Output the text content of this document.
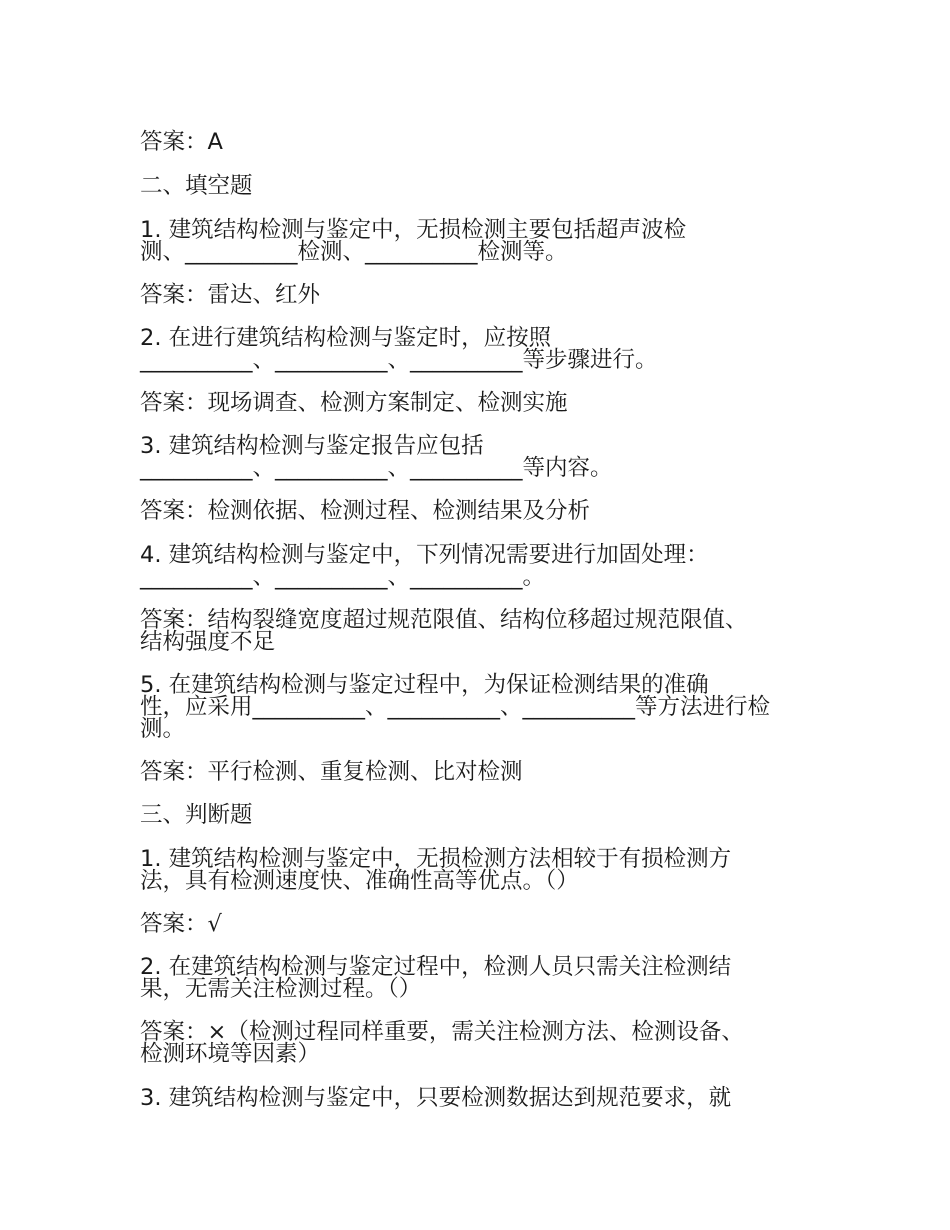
答案：A

二、填空题

1. 建筑结构检测与鉴定中，无损检测主要包括超声波检

测、__________检测、__________检测等。

答案：雷达、红外

2. 在进行建筑结构检测与鉴定时，应按照

__________、__________、__________等步骤进行。

答案：现场调查、检测方案制定、检测实施

3. 建筑结构检测与鉴定报告应包括

__________、__________、__________等内容。

答案：检测依据、检测过程、检测结果及分析

4. 建筑结构检测与鉴定中，下列情况需要进行加固处理：

__________、__________、__________。

答案：结构裂缝宽度超过规范限值、结构位移超过规范限值、

结构强度不足

5. 在建筑结构检测与鉴定过程中，为保证检测结果的准确

性，应采用__________、__________、__________等方法进行检

测。

答案：平行检测、重复检测、比对检测

三、判断题

1. 建筑结构检测与鉴定中，无损检测方法相较于有损检测方

法，具有检测速度快、准确性高等优点。（）

答案：√

2. 在建筑结构检测与鉴定过程中，检测人员只需关注检测结

果，无需关注检测过程。（）

答案：×（检测过程同样重要，需关注检测方法、检测设备、

检测环境等因素）

3. 建筑结构检测与鉴定中，只要检测数据达到规范要求，就
